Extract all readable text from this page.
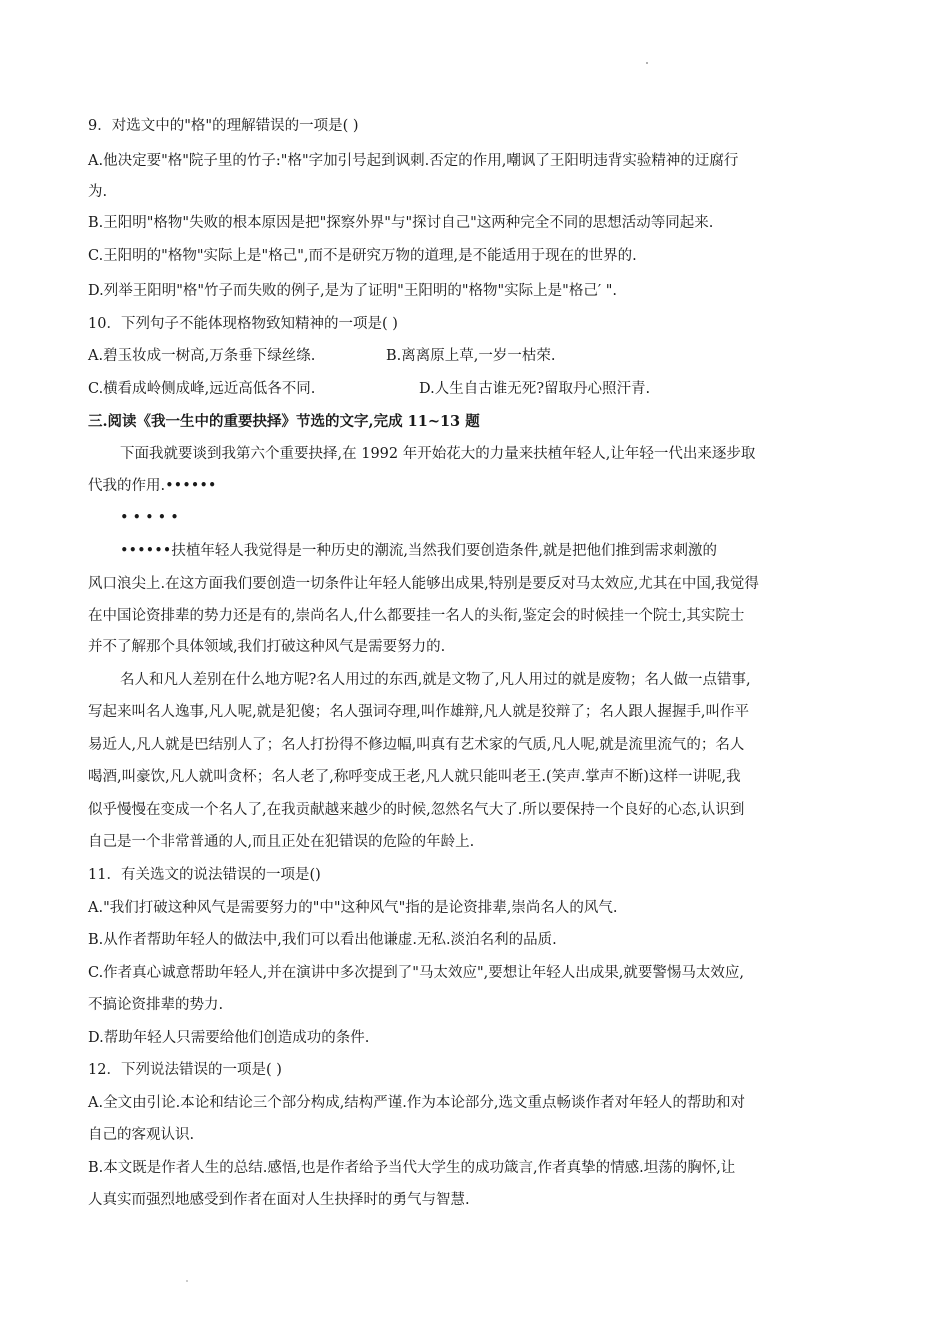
9．对选文中的"格"的理解错误的一项是( )
A.他决定要"格"院子里的竹子:"格"字加引号起到讽刺.否定的作用,嘲讽了王阳明违背实验精神的迂腐行
为.
B.王阳明"格物"失败的根本原因是把"探察外界"与"探讨自己"这两种完全不同的思想活动等同起来.
C.王阳明的"格物"实际上是"格己",而不是研究万物的道理,是不能适用于现在的世界的.
D.列举王阳明"格"竹子而失败的例子,是为了证明"王阳明的"格物"实际上是"格己′ ".
10．下列句子不能体现格物致知精神的一项是( )
A.碧玉妆成一树高,万条垂下绿丝绦.	B.离离原上草,一岁一枯荣.
C.横看成岭侧成峰,远近高低各不同.	D.人生自古谁无死?留取丹心照汗青.
三.阅读《我一生中的重要抉择》节选的文字,完成 11~13 题
下面我就要谈到我第六个重要抉择,在 1992 年开始花大的力量来扶植年轻人,让年轻一代出来逐步取
代我的作用.••••••
•••••
••••••扶植年轻人我觉得是一种历史的潮流,当然我们要创造条件,就是把他们推到需求刺激的
风口浪尖上.在这方面我们要创造一切条件让年轻人能够出成果,特别是要反对马太效应,尤其在中国,我觉得
在中国论资排辈的势力还是有的,崇尚名人,什么都要挂一名人的头衔,鉴定会的时候挂一个院士,其实院士
并不了解那个具体领域,我们打破这种风气是需要努力的.
名人和凡人差别在什么地方呢?名人用过的东西,就是文物了,凡人用过的就是废物；名人做一点错事,
写起来叫名人逸事,凡人呢,就是犯傻；名人强词夺理,叫作雄辩,凡人就是狡辩了；名人跟人握握手,叫作平
易近人,凡人就是巴结别人了；名人打扮得不修边幅,叫真有艺术家的气质,凡人呢,就是流里流气的；名人
喝酒,叫豪饮,凡人就叫贪杯；名人老了,称呼变成王老,凡人就只能叫老王.(笑声.掌声不断)这样一讲呢,我
似乎慢慢在变成一个名人了,在我贡献越来越少的时候,忽然名气大了.所以要保持一个良好的心态,认识到
自己是一个非常普通的人,而且正处在犯错误的危险的年龄上.
11．有关选文的说法错误的一项是()
A."我们打破这种风气是需要努力的"中"这种风气"指的是论资排辈,崇尚名人的风气.
B.从作者帮助年轻人的做法中,我们可以看出他谦虚.无私.淡泊名利的品质.
C.作者真心诚意帮助年轻人,并在演讲中多次提到了"马太效应",要想让年轻人出成果,就要警惕马太效应,
不搞论资排辈的势力.
D.帮助年轻人只需要给他们创造成功的条件.
12．下列说法错误的一项是( )
A.全文由引论.本论和结论三个部分构成,结构严谨.作为本论部分,选文重点畅谈作者对年轻人的帮助和对
自己的客观认识.
B.本文既是作者人生的总结.感悟,也是作者给予当代大学生的成功箴言,作者真挚的情感.坦荡的胸怀,让
人真实而强烈地感受到作者在面对人生抉择时的勇气与智慧.
